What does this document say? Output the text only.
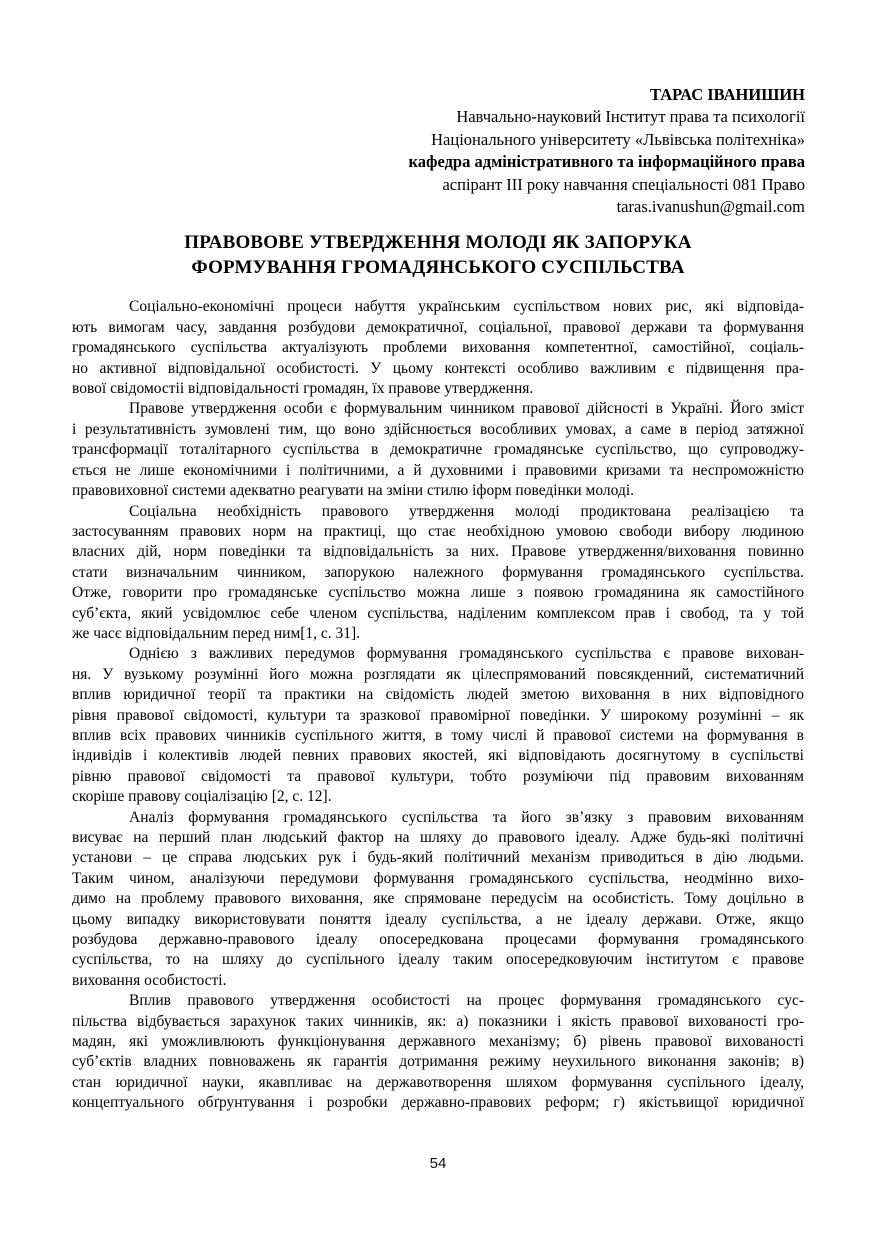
ТАРАС ІВАНИШИН
Навчально-науковий Інститут права та психології
Національного університету «Львівська політехніка»
кафедра адміністративного та інформаційного права
аспірант III року навчання спеціальності 081 Право
taras.ivanushun@gmail.com
ПРАВОВОВЕ УТВЕРДЖЕННЯ МОЛОДІ ЯК ЗАПОРУКА
ФОРМУВАННЯ ГРОМАДЯНСЬКОГО СУСПІЛЬСТВА

Соціально-економічні процеси набуття українським суспільством нових рис, які відповіда-
ють вимогам часу, завдання розбудови демократичної, соціальної, правової держави та формування
громадянського суспільства актуалізують проблеми виховання компетентної, самостійної, соціаль-
но активної відповідальної особистості. У цьому контексті особливо важливим є підвищення пра-
вової свідомостіі відповідальності громадян, їх правове утвердження.

Правове утвердження особи є формувальним чинником правової дійсності в Україні. Його зміст
і результативність зумовлені тим, що воно здійснюється вособливих умовах, а саме в період затяжної
трансформації тоталітарного суспільства в демократичне громадянське суспільство, що супроводжу-
ється не лише економічними і політичними, а й духовними і правовими кризами та неспроможністю
правовиховної системи адекватно реагувати на зміни стилю іформ поведінки молоді.

Соціальна необхідність правового утвердження молоді продиктована реалізацією та
застосуванням правових норм на практиці, що стає необхідною умовою свободи вибору людиною
власних дій, норм поведінки та відповідальність за них. Правове утвердження/виховання повинно
стати визначальним чинником, запорукою належного формування громадянського суспільства.
Отже, говорити про громадянське суспільство можна лише з появою громадянина як самостійного
суб’єкта, який усвідомлює себе членом суспільства, наділеним комплексом прав і свобод, та у той
же часє відповідальним перед ним[1, с. 31].

Однією з важливих передумов формування громадянського суспільства є правове вихован-
ня. У вузькому розумінні його можна розглядати як цілеспрямований повсякденний, систематичний
вплив юридичної теорії та практики на свідомість людей зметою виховання в них відповідного
рівня правової свідомості, культури та зразкової правомірної поведінки. У широкому розумінні – як
вплив всіх правових чинників суспільного життя, в тому числі й правової системи на формування в
індивідів і колективів людей певних правових якостей, які відповідають досягнутому в суспільстві
рівню правової свідомості та правової культури, тобто розуміючи під правовим вихованням
скоріше правову соціалізацію [2, с. 12].

Аналіз формування громадянського суспільства та його зв’язку з правовим вихованням
висуває на перший план людський фактор на шляху до правового ідеалу. Адже будь-які політичні
установи – це справа людських рук і будь-який політичний механізм приводиться в дію людьми.
Таким чином, аналізуючи передумови формування громадянського суспільства, неодмінно вихо-
димо на проблему правового виховання, яке спрямоване передусім на особистість. Тому доцільно в
цьому випадку використовувати поняття ідеалу суспільства, а не ідеалу держави. Отже, якщо
розбудова державно-правового ідеалу опосередкована процесами формування громадянського
суспільства, то на шляху до суспільного ідеалу таким опосередковуючим інститутом є правове
виховання особистості.

Вплив правового утвердження особистості на процес формування громадянського сус-
пільства відбувається зарахунок таких чинників, як: а) показники і якість правової вихованості гро-
мадян, які уможливлюють функціонування державного механізму; б) рівень правової вихованості
суб’єктів владних повноважень як гарантія дотримання режиму неухильного виконання законів; в)
стан юридичної науки, якавпливає на державотворення шляхом формування суспільного ідеалу,
концептуального обґрунтування і розробки державно-правових реформ; г) якістьвищої юридичної

54
